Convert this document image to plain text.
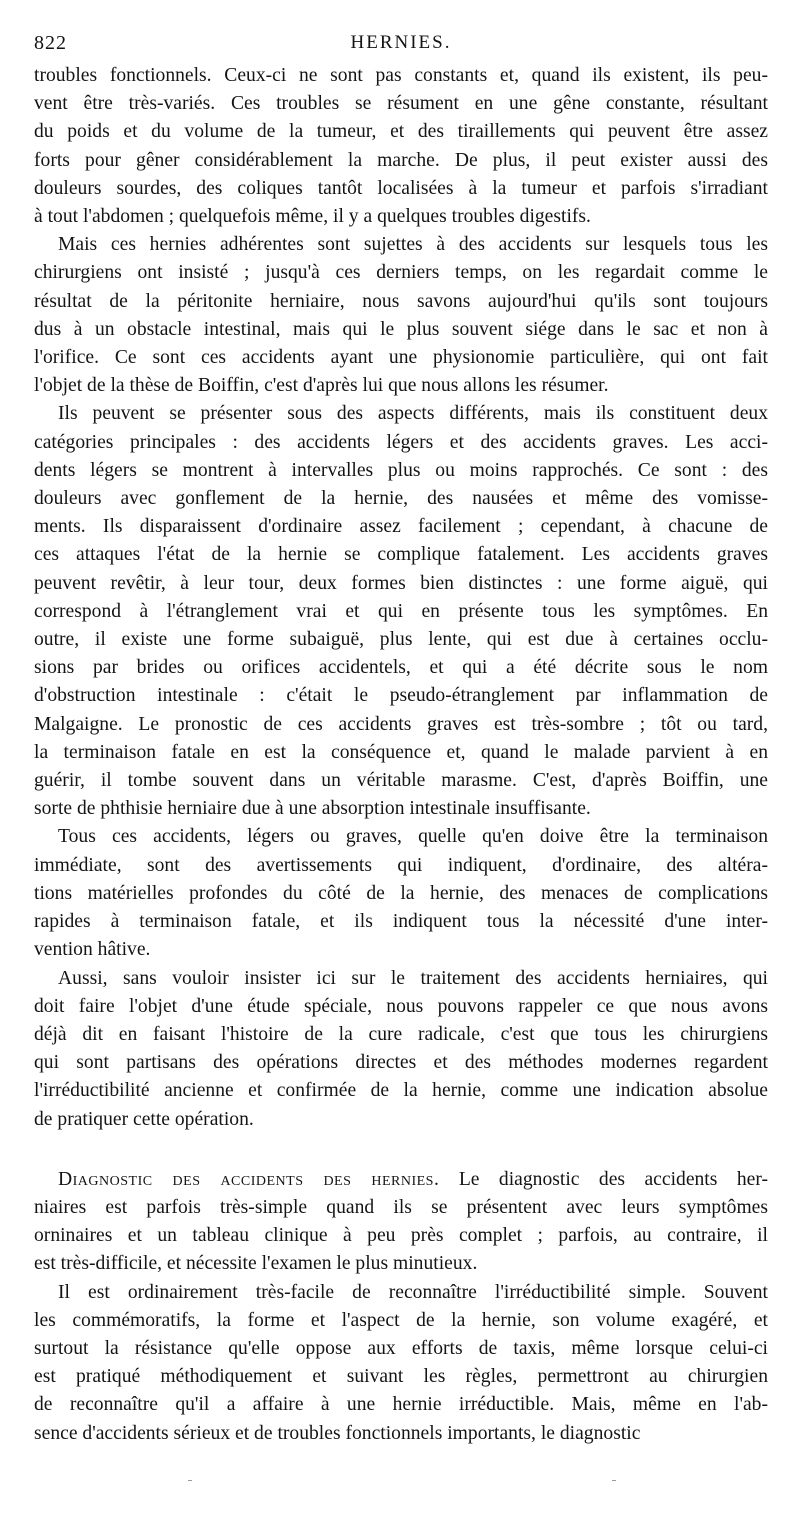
822	HERNIES.

troubles fonctionnels. Ceux-ci ne sont pas constants et, quand ils existent, ils peu-
vent être très-variés. Ces troubles se résument en une gêne constante, résultant
du poids et du volume de la tumeur, et des tiraillements qui peuvent être assez
forts pour gêner considérablement la marche. De plus, il peut exister aussi des
douleurs sourdes, des coliques tantôt localisées à la tumeur et parfois s'irradiant
à tout l'abdomen ; quelquefois même, il y a quelques troubles digestifs.

Mais ces hernies adhérentes sont sujettes à des accidents sur lesquels tous les
chirurgiens ont insisté ; jusqu'à ces derniers temps, on les regardait comme le
résultat de la péritonite herniaire, nous savons aujourd'hui qu'ils sont toujours
dus à un obstacle intestinal, mais qui le plus souvent siége dans le sac et non à
l'orifice. Ce sont ces accidents ayant une physionomie particulière, qui ont fait
l'objet de la thèse de Boiffin, c'est d'après lui que nous allons les résumer.

Ils peuvent se présenter sous des aspects différents, mais ils constituent deux
catégories principales : des accidents légers et des accidents graves. Les acci-
dents légers se montrent à intervalles plus ou moins rapprochés. Ce sont : des
douleurs avec gonflement de la hernie, des nausées et même des vomisse-
ments. Ils disparaissent d'ordinaire assez facilement ; cependant, à chacune de
ces attaques l'état de la hernie se complique fatalement. Les accidents graves
peuvent revêtir, à leur tour, deux formes bien distinctes : une forme aiguë, qui
correspond à l'étranglement vrai et qui en présente tous les symptômes. En
outre, il existe une forme subaiguë, plus lente, qui est due à certaines occlu-
sions par brides ou orifices accidentels, et qui a été décrite sous le nom
d'obstruction intestinale : c'était le pseudo-étranglement par inflammation de
Malgaigne. Le pronostic de ces accidents graves est très-sombre ; tôt ou tard,
la terminaison fatale en est la conséquence et, quand le malade parvient à en
guérir, il tombe souvent dans un véritable marasme. C'est, d'après Boiffin, une
sorte de phthisie herniaire due à une absorption intestinale insuffisante.

Tous ces accidents, légers ou graves, quelle qu'en doive être la terminaison
immédiate, sont des avertissements qui indiquent, d'ordinaire, des altéra-
tions matérielles profondes du côté de la hernie, des menaces de complications
rapides à terminaison fatale, et ils indiquent tous la nécessité d'une inter-
vention hâtive.

Aussi, sans vouloir insister ici sur le traitement des accidents herniaires, qui
doit faire l'objet d'une étude spéciale, nous pouvons rappeler ce que nous avons
déjà dit en faisant l'histoire de la cure radicale, c'est que tous les chirurgiens
qui sont partisans des opérations directes et des méthodes modernes regardent
l'irréductibilité ancienne et confirmée de la hernie, comme une indication absolue
de pratiquer cette opération.

Diagnostic des accidents des hernies. Le diagnostic des accidents her-
niaires est parfois très-simple quand ils se présentent avec leurs symptômes
orninaires et un tableau clinique à peu près complet ; parfois, au contraire, il
est très-difficile, et nécessite l'examen le plus minutieux.

Il est ordinairement très-facile de reconnaître l'irréductibilité simple. Souvent
les commémoratifs, la forme et l'aspect de la hernie, son volume exagéré, et
surtout la résistance qu'elle oppose aux efforts de taxis, même lorsque celui-ci
est pratiqué méthodiquement et suivant les règles, permettront au chirurgien
de reconnaître qu'il a affaire à une hernie irréductible. Mais, même en l'ab-
sence d'accidents sérieux et de troubles fonctionnels importants, le diagnostic
